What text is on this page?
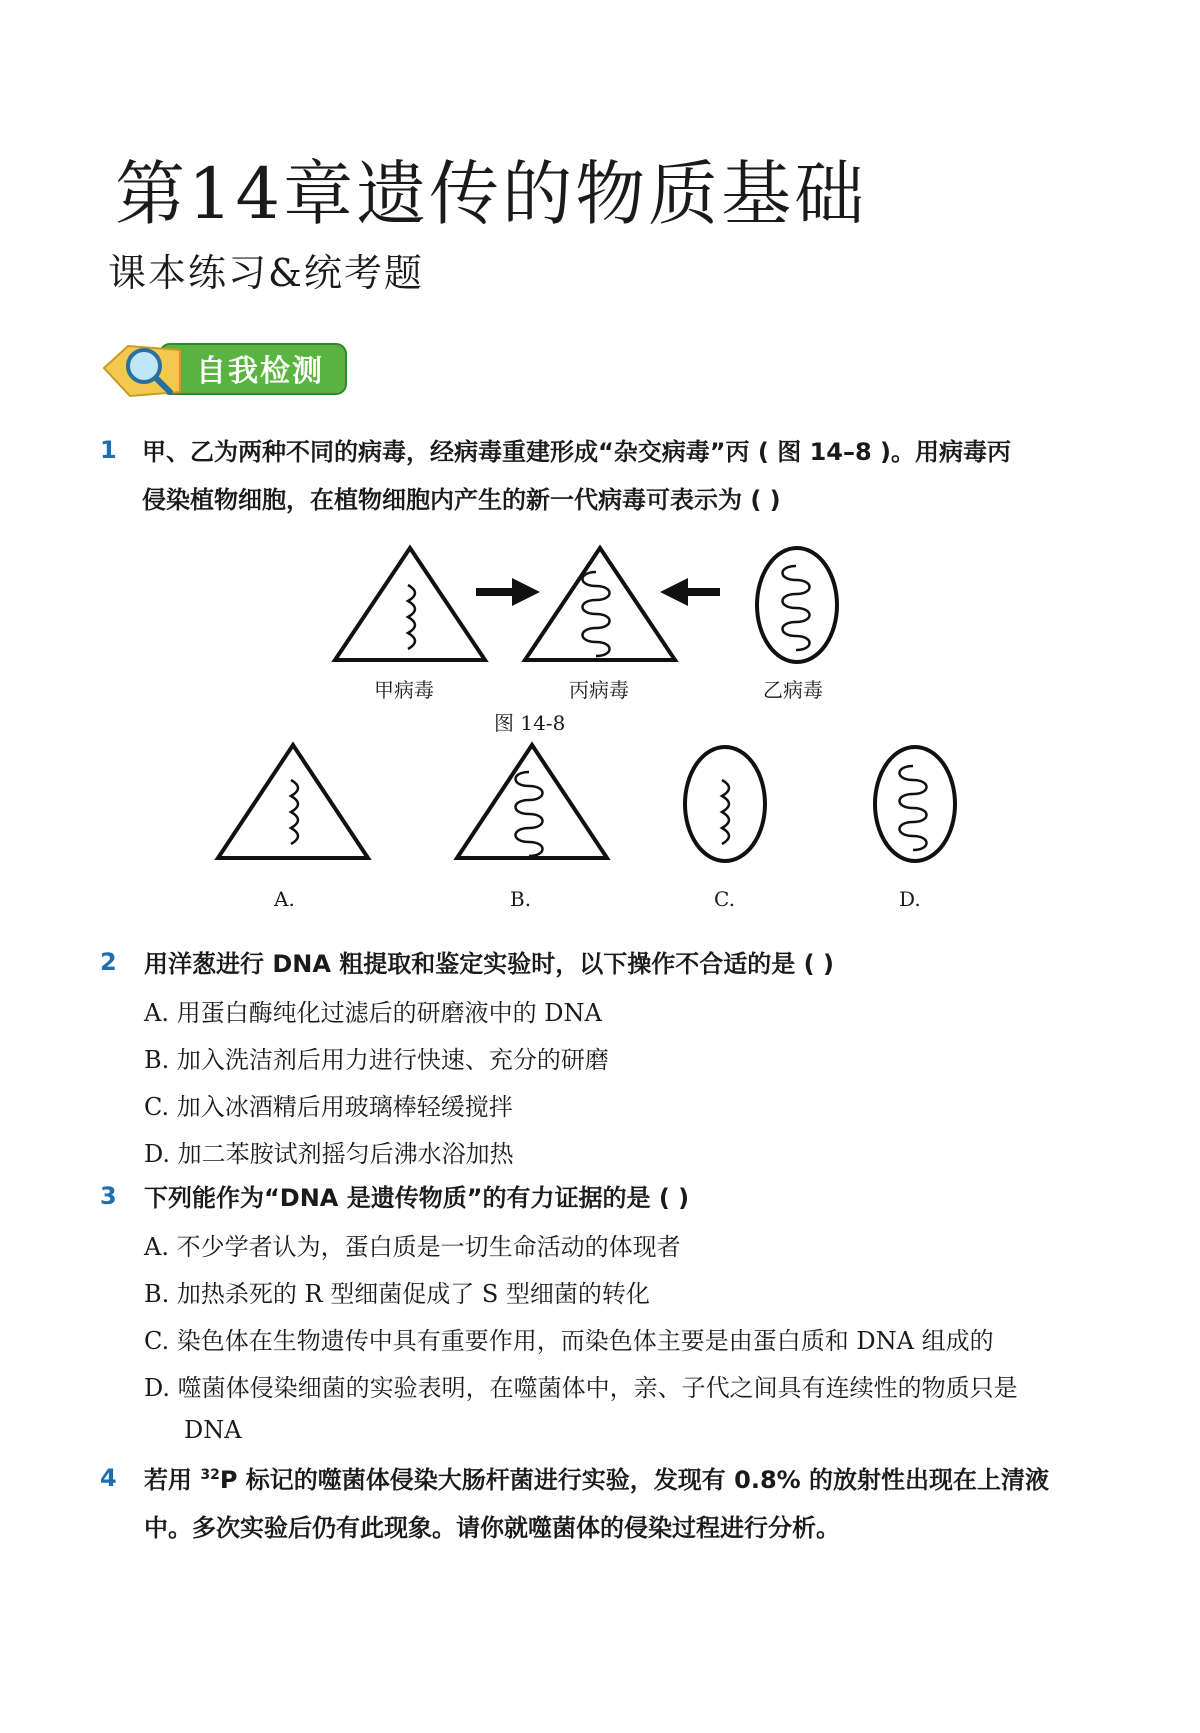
第14章遗传的物质基础
课本练习&统考题
自我检测
1 甲、乙为两种不同的病毒，经病毒重建形成“杂交病毒”丙 ( 图 14–8 )。用病毒丙
侵染植物细胞，在植物细胞内产生的新一代病毒可表示为 ( )
甲病毒	丙病毒	乙病毒
图 14-8
A.	B.	C.	D.
2 用洋葱进行 DNA 粗提取和鉴定实验时，以下操作不合适的是 ( )
A. 用蛋白酶纯化过滤后的研磨液中的 DNA
B. 加入洗洁剂后用力进行快速、充分的研磨
C. 加入冰酒精后用玻璃棒轻缓搅拌
D. 加二苯胺试剂摇匀后沸水浴加热
3 下列能作为“DNA 是遗传物质”的有力证据的是 ( )
A. 不少学者认为，蛋白质是一切生命活动的体现者
B. 加热杀死的 R 型细菌促成了 S 型细菌的转化
C. 染色体在生物遗传中具有重要作用，而染色体主要是由蛋白质和 DNA 组成的
D. 噬菌体侵染细菌的实验表明，在噬菌体中，亲、子代之间具有连续性的物质只是
DNA
4 若用 $^{32}$P 标记的噬菌体侵染大肠杆菌进行实验，发现有 0.8% 的放射性出现在上清液
中。多次实验后仍有此现象。请你就噬菌体的侵染过程进行分析。
